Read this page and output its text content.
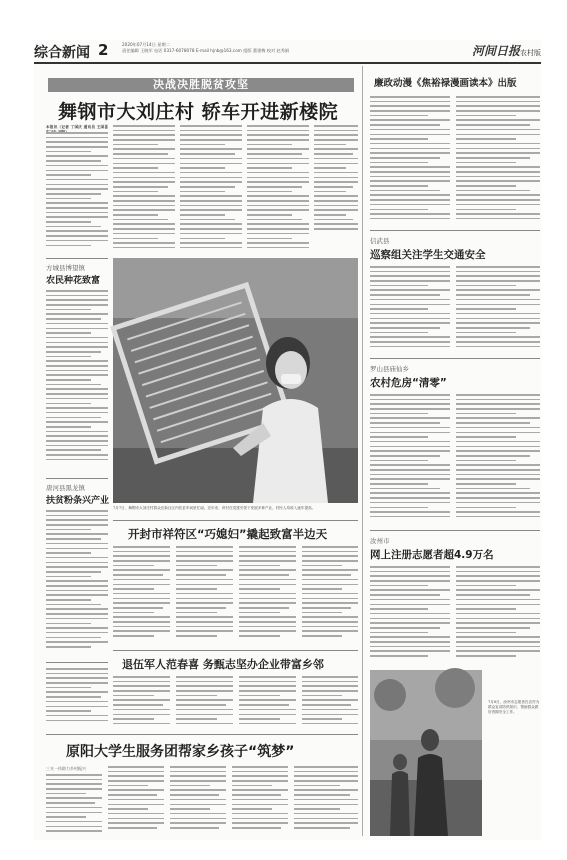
综合新闻 2	2020年07月14日 星期二
责任编辑 王晓军 电话 0317-6078078 E-mail hjnb@163.com 组版 董建梅 校对 赵秀娟	河间日报农村版
决战决胜脱贫攻坚
舞钢市大刘庄村 轿车开进新楼院
本报讯（记者 丁国庆 通讯员 王国喜
方城县博望镇
农民种花致富
唐河县黑龙镇
扶贫粉条兴产业
7月7日，舞钢市大刘庄村群众在新社区内扶贫车间里忙碌。近年来，该村在党建引领下发展多种产业，村民人均收入逐年提高。
开封市祥符区“巧媳妇”撬起致富半边天
退伍军人范春喜 务甄志坚办企业带富乡邻
原阳大学生服务团帮家乡孩子“筑梦”
三支一扶助力乡村振兴
廉政动漫《焦裕禄漫画读本》出版
信武县
巡察组关注学生交通安全
罗山县庙仙乡
农村危房“清零”
汝州市
网上注册志愿者超4.9万名
7月8日，汝州市志愿者在农村为群众宣讲防汛知识，帮助群众做好汛期安全工作。
